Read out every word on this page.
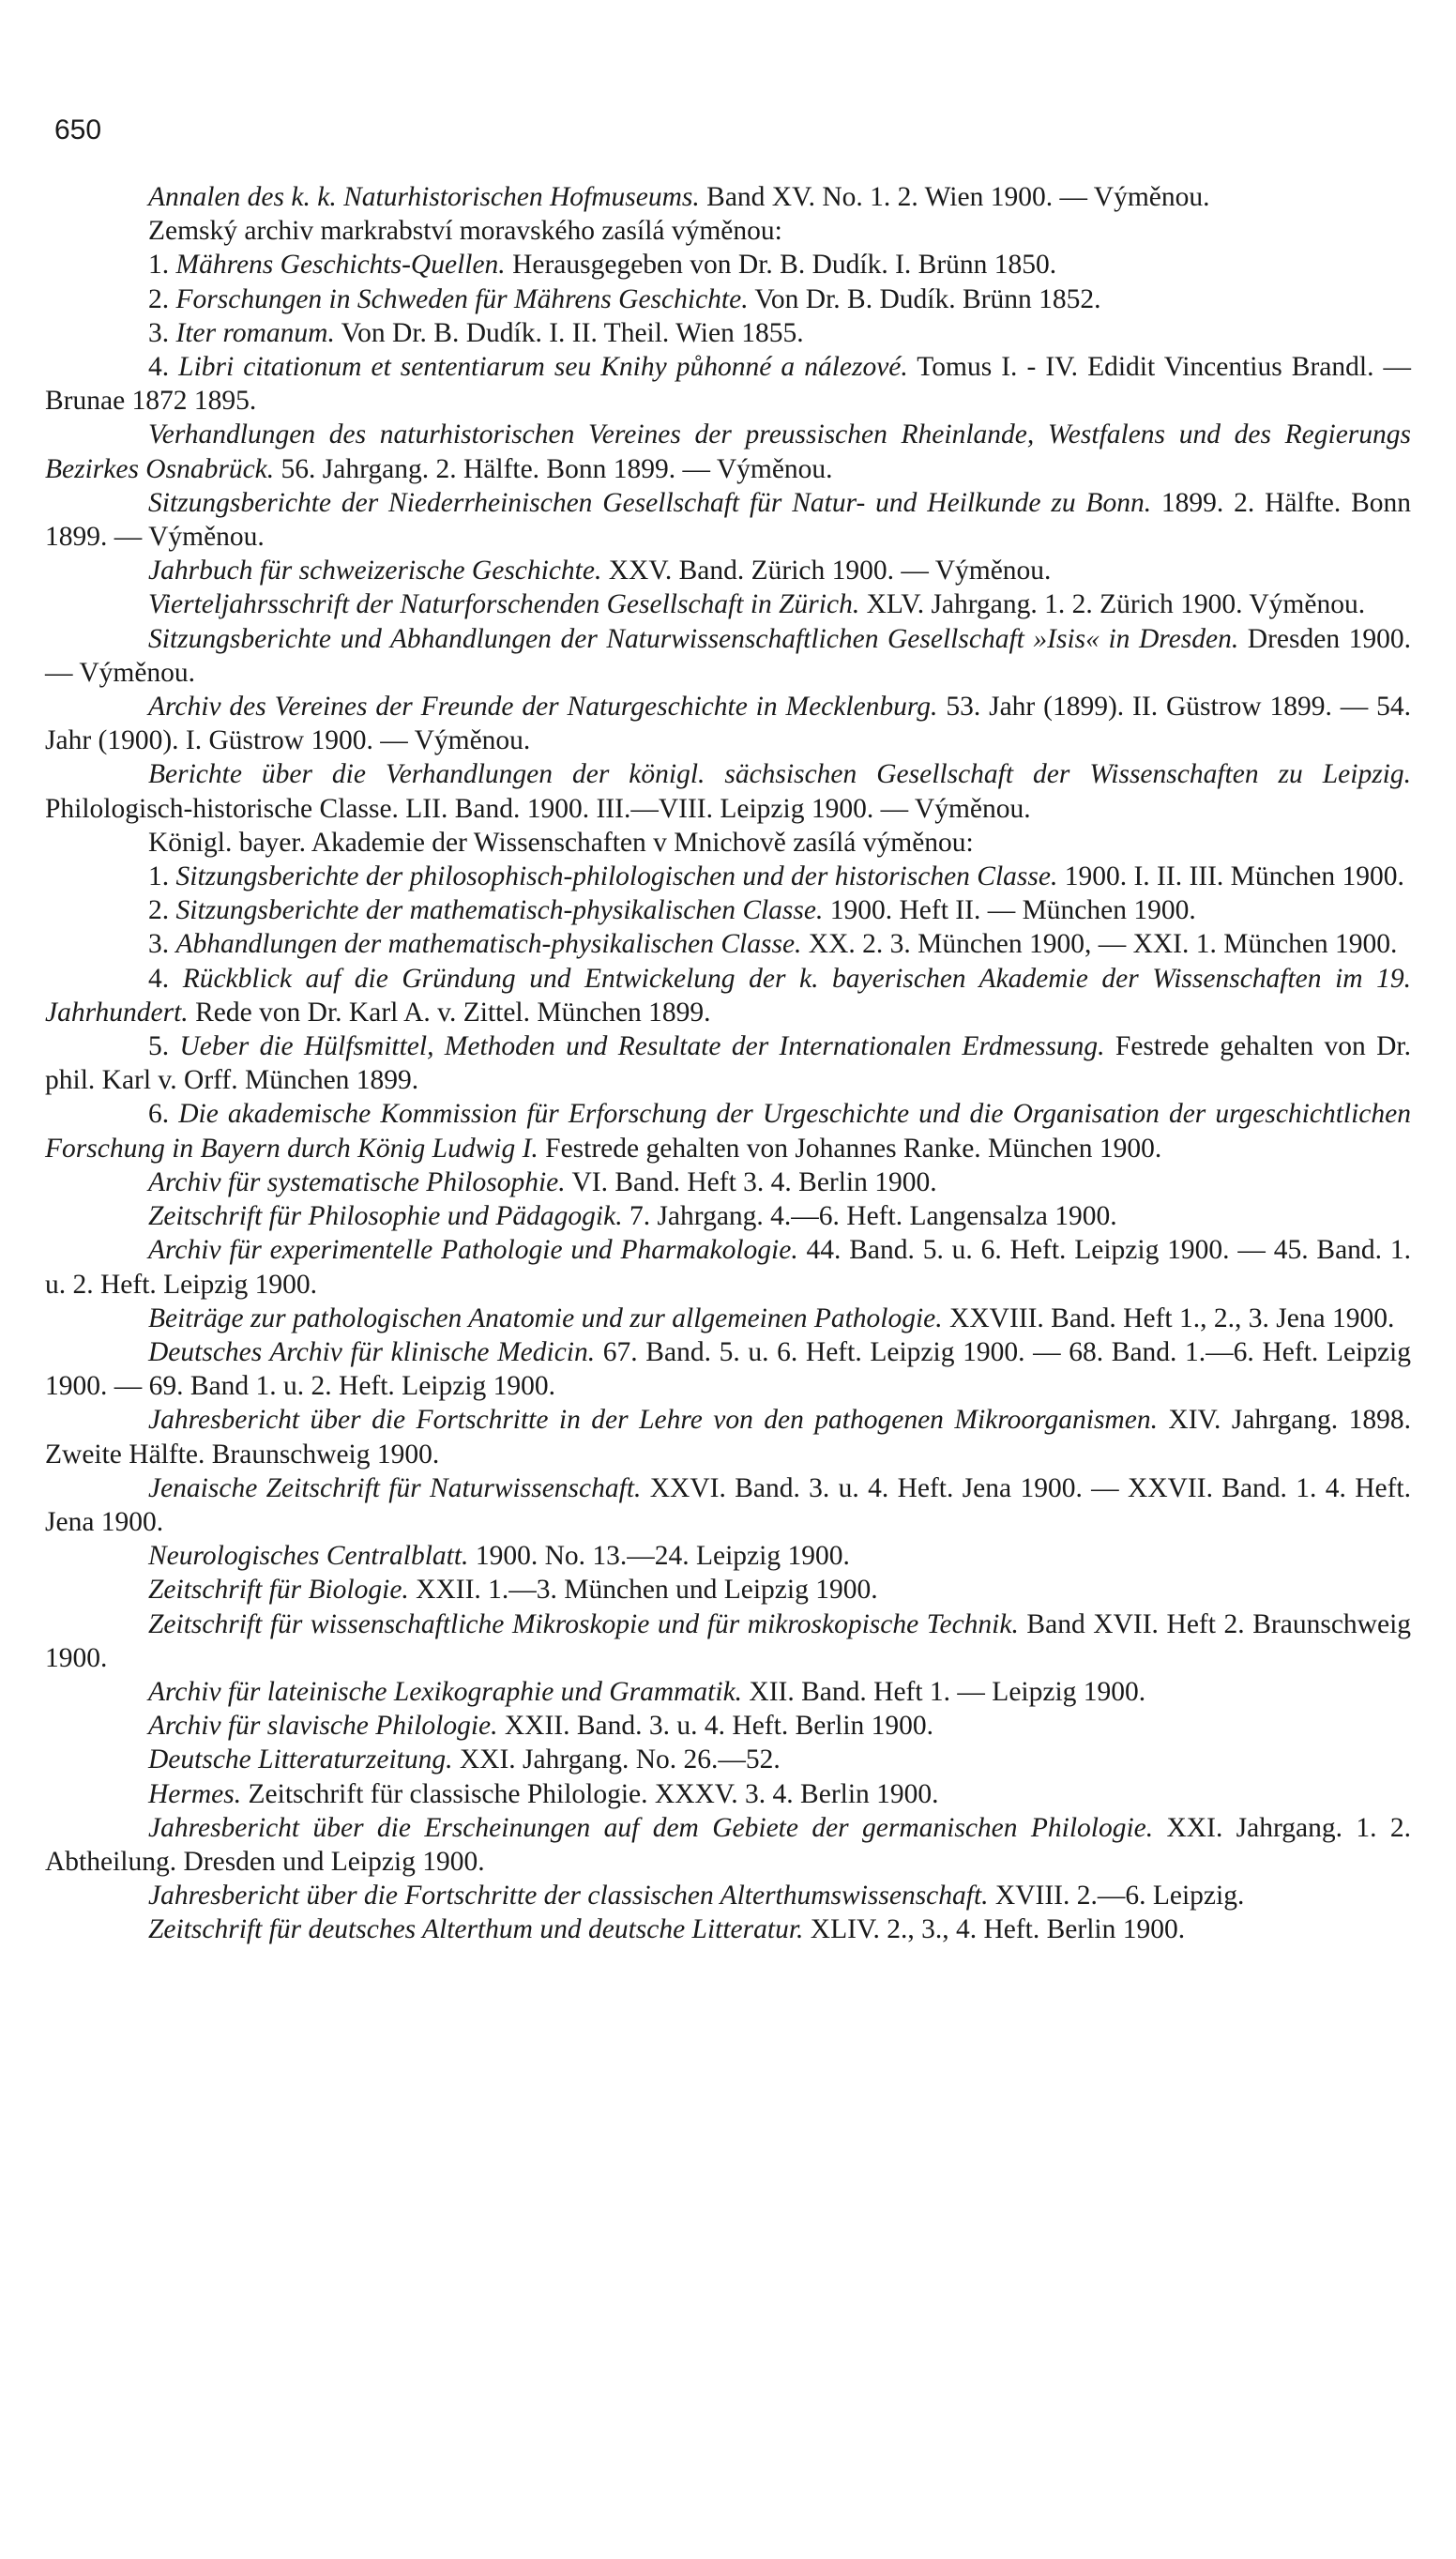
650

Annalen des k. k. Naturhistorischen Hofmuseums. Band XV. No. 1. 2. Wien 1900. — Výměnou.

Zemský archiv markrabství moravského zasílá výměnou:

1. Mährens Geschichts-Quellen. Herausgegeben von Dr. B. Dudík. I. Brünn 1850.

2. Forschungen in Schweden für Mährens Geschichte. Von Dr. B. Dudík. Brünn 1852.

3. Iter romanum. Von Dr. B. Dudík. I. II. Theil. Wien 1855.

4. Libri citationum et sententiarum seu Knihy půhonné a nálezové. Tomus I. - IV. Edidit Vincentius Brandl. — Brunae 1872 1895.

Verhandlungen des naturhistorischen Vereines der preussischen Rheinlande, Westfalens und des Regierungs Bezirkes Osnabrück. 56. Jahrgang. 2. Hälfte. Bonn 1899. — Výměnou.

Sitzungsberichte der Niederrheinischen Gesellschaft für Natur- und Heilkunde zu Bonn. 1899. 2. Hälfte. Bonn 1899. — Výměnou.

Jahrbuch für schweizerische Geschichte. XXV. Band. Zürich 1900. — Výměnou.

Vierteljahrsschrift der Naturforschenden Gesellschaft in Zürich. XLV. Jahrgang. 1. 2. Zürich 1900. Výměnou.

Sitzungsberichte und Abhandlungen der Naturwissenschaftlichen Gesellschaft »Isis« in Dresden. Dresden 1900. — Výměnou.

Archiv des Vereines der Freunde der Naturgeschichte in Mecklenburg. 53. Jahr (1899). II. Güstrow 1899. — 54. Jahr (1900). I. Güstrow 1900. — Výměnou.

Berichte über die Verhandlungen der königl. sächsischen Gesellschaft der Wissenschaften zu Leipzig. Philologisch-historische Classe. LII. Band. 1900. III.—VIII. Leipzig 1900. — Výměnou.

Königl. bayer. Akademie der Wissenschaften v Mnichově zasílá výměnou:

1. Sitzungsberichte der philosophisch-philologischen und der historischen Classe. 1900. I. II. III. München 1900.

2. Sitzungsberichte der mathematisch-physikalischen Classe. 1900. Heft II. — München 1900.

3. Abhandlungen der mathematisch-physikalischen Classe. XX. 2. 3. München 1900, — XXI. 1. München 1900.

4. Rückblick auf die Gründung und Entwickelung der k. bayerischen Akademie der Wissenschaften im 19. Jahrhundert. Rede von Dr. Karl A. v. Zittel. München 1899.

5. Ueber die Hülfsmittel, Methoden und Resultate der Internationalen Erdmessung. Festrede gehalten von Dr. phil. Karl v. Orff. München 1899.

6. Die akademische Kommission für Erforschung der Urgeschichte und die Organisation der urgeschichtlichen Forschung in Bayern durch König Ludwig I. Festrede gehalten von Johannes Ranke. München 1900.

Archiv für systematische Philosophie. VI. Band. Heft 3. 4. Berlin 1900.

Zeitschrift für Philosophie und Pädagogik. 7. Jahrgang. 4.—6. Heft. Langensalza 1900.

Archiv für experimentelle Pathologie und Pharmakologie. 44. Band. 5. u. 6. Heft. Leipzig 1900. — 45. Band. 1. u. 2. Heft. Leipzig 1900.

Beiträge zur pathologischen Anatomie und zur allgemeinen Pathologie. XXVIII. Band. Heft 1., 2., 3. Jena 1900.

Deutsches Archiv für klinische Medicin. 67. Band. 5. u. 6. Heft. Leipzig 1900. — 68. Band. 1.—6. Heft. Leipzig 1900. — 69. Band 1. u. 2. Heft. Leipzig 1900.

Jahresbericht über die Fortschritte in der Lehre von den pathogenen Mikroorganismen. XIV. Jahrgang. 1898. Zweite Hälfte. Braunschweig 1900.

Jenaische Zeitschrift für Naturwissenschaft. XXVI. Band. 3. u. 4. Heft. Jena 1900. — XXVII. Band. 1. 4. Heft. Jena 1900.

Neurologisches Centralblatt. 1900. No. 13.—24. Leipzig 1900.

Zeitschrift für Biologie. XXII. 1.—3. München und Leipzig 1900.

Zeitschrift für wissenschaftliche Mikroskopie und für mikroskopische Technik. Band XVII. Heft 2. Braunschweig 1900.

Archiv für lateinische Lexikographie und Grammatik. XII. Band. Heft 1. — Leipzig 1900.

Archiv für slavische Philologie. XXII. Band. 3. u. 4. Heft. Berlin 1900.

Deutsche Litteraturzeitung. XXI. Jahrgang. No. 26.—52.

Hermes. Zeitschrift für classische Philologie. XXXV. 3. 4. Berlin 1900.

Jahresbericht über die Erscheinungen auf dem Gebiete der germanischen Philologie. XXI. Jahrgang. 1. 2. Abtheilung. Dresden und Leipzig 1900.

Jahresbericht über die Fortschritte der classischen Alterthumswissenschaft. XVIII. 2.—6. Leipzig.

Zeitschrift für deutsches Alterthum und deutsche Litteratur. XLIV. 2., 3., 4. Heft. Berlin 1900.
